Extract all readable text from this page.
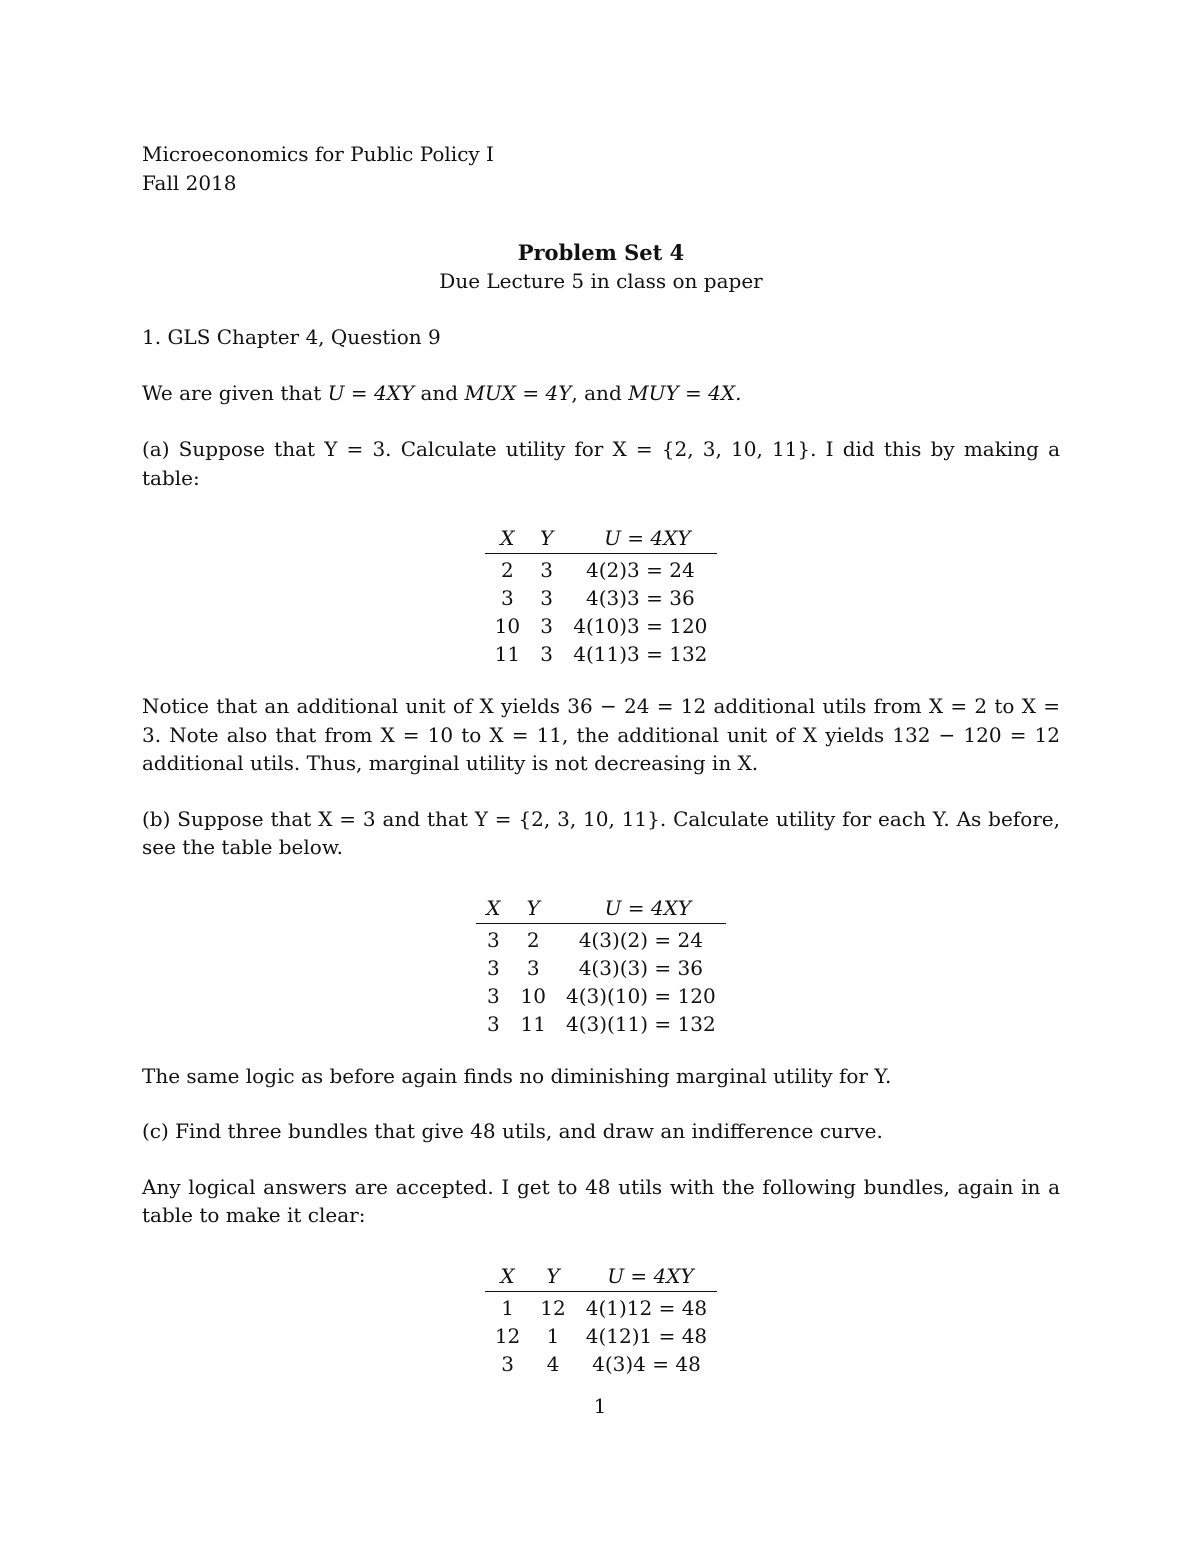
Microeconomics for Public Policy I

Fall 2018

Problem Set 4

Due Lecture 5 in class on paper

1. GLS Chapter 4, Question 9

We are given that U = 4XY and MUX = 4Y, and MUY = 4X.

(a) Suppose that Y = 3. Calculate utility for X = {2, 3, 10, 11}. I did this by making a table:

X	Y	U = 4XY
2	3	4(2)3 = 24
3	3	4(3)3 = 36
10	3	4(10)3 = 120
11	3	4(11)3 = 132

Notice that an additional unit of X yields 36 − 24 = 12 additional utils from X = 2 to X = 3. Note also that from X = 10 to X = 11, the additional unit of X yields 132 − 120 = 12 additional utils. Thus, marginal utility is not decreasing in X.

(b) Suppose that X = 3 and that Y = {2, 3, 10, 11}. Calculate utility for each Y. As before, see the table below.

X	Y	U = 4XY
3	2	4(3)(2) = 24
3	3	4(3)(3) = 36
3	10	4(3)(10) = 120
3	11	4(3)(11) = 132

The same logic as before again finds no diminishing marginal utility for Y.

(c) Find three bundles that give 48 utils, and draw an indifference curve.

Any logical answers are accepted. I get to 48 utils with the following bundles, again in a table to make it clear:

X	Y	U = 4XY
1	12	4(1)12 = 48
12	1	4(12)1 = 48
3	4	4(3)4 = 48
1
